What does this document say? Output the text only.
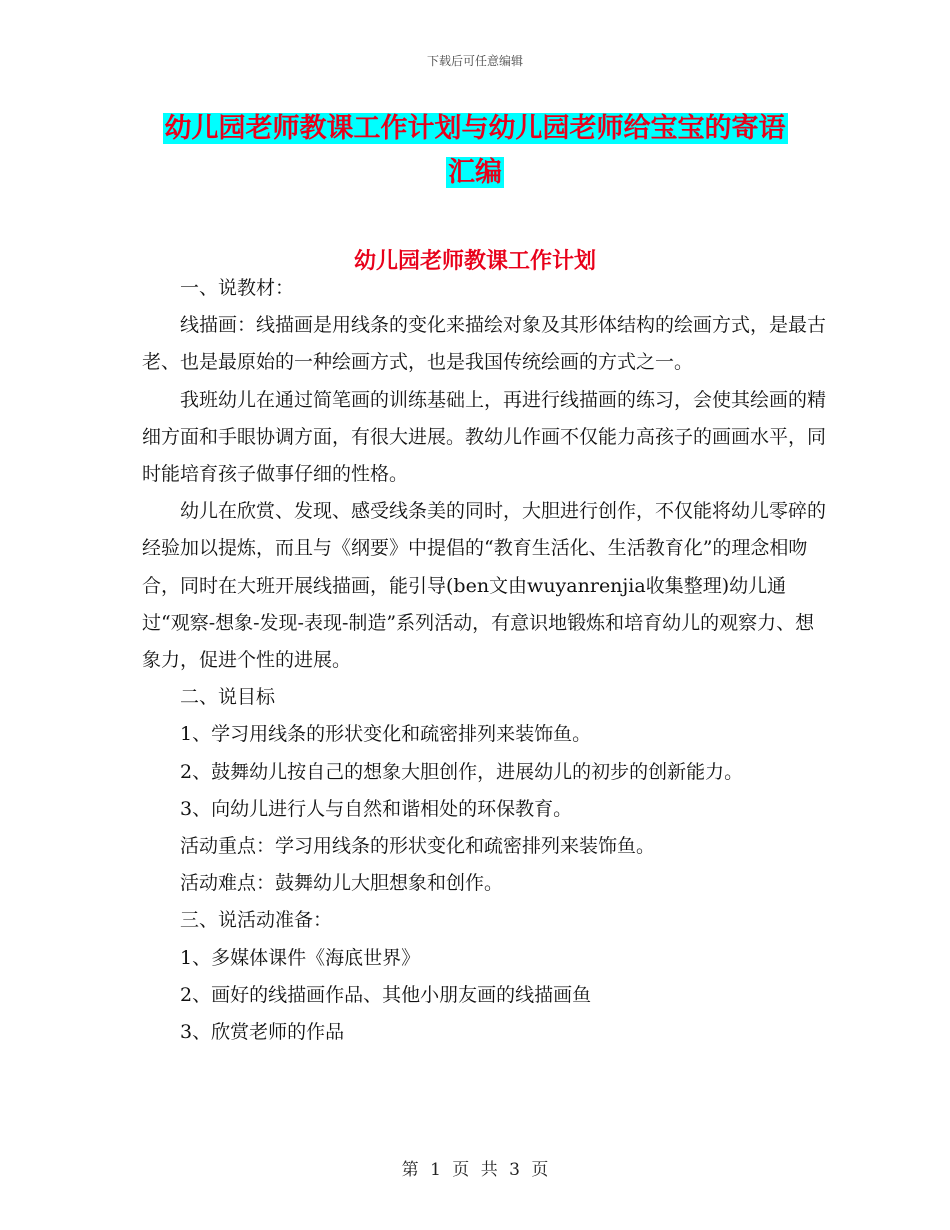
下载后可任意编辑
幼儿园老师教课工作计划与幼儿园老师给宝宝的寄语
汇编
幼儿园老师教课工作计划

一、说教材：

线描画：线描画是用线条的变化来描绘对象及其形体结构的绘画方式，是最古老、也是最原始的一种绘画方式，也是我国传统绘画的方式之一。

我班幼儿在通过简笔画的训练基础上，再进行线描画的练习，会使其绘画的精细方面和手眼协调方面，有很大进展。教幼儿作画不仅能力高孩子的画画水平，同时能培育孩子做事仔细的性格。

幼儿在欣赏、发现、感受线条美的同时，大胆进行创作，不仅能将幼儿零碎的经验加以提炼，而且与《纲要》中提倡的“教育生活化、生活教育化”的理念相吻合，同时在大班开展线描画，能引导(ben文由wuyanrenjia收集整理)幼儿通过“观察-想象-发现-表现-制造”系列活动，有意识地锻炼和培育幼儿的观察力、想象力，促进个性的进展。

二、说目标

1、学习用线条的形状变化和疏密排列来装饰鱼。

2、鼓舞幼儿按自己的想象大胆创作，进展幼儿的初步的创新能力。

3、向幼儿进行人与自然和谐相处的环保教育。

活动重点：学习用线条的形状变化和疏密排列来装饰鱼。

活动难点：鼓舞幼儿大胆想象和创作。

三、说活动准备：

1、多媒体课件《海底世界》

2、画好的线描画作品、其他小朋友画的线描画鱼

3、欣赏老师的作品

第 1 页 共 3 页
